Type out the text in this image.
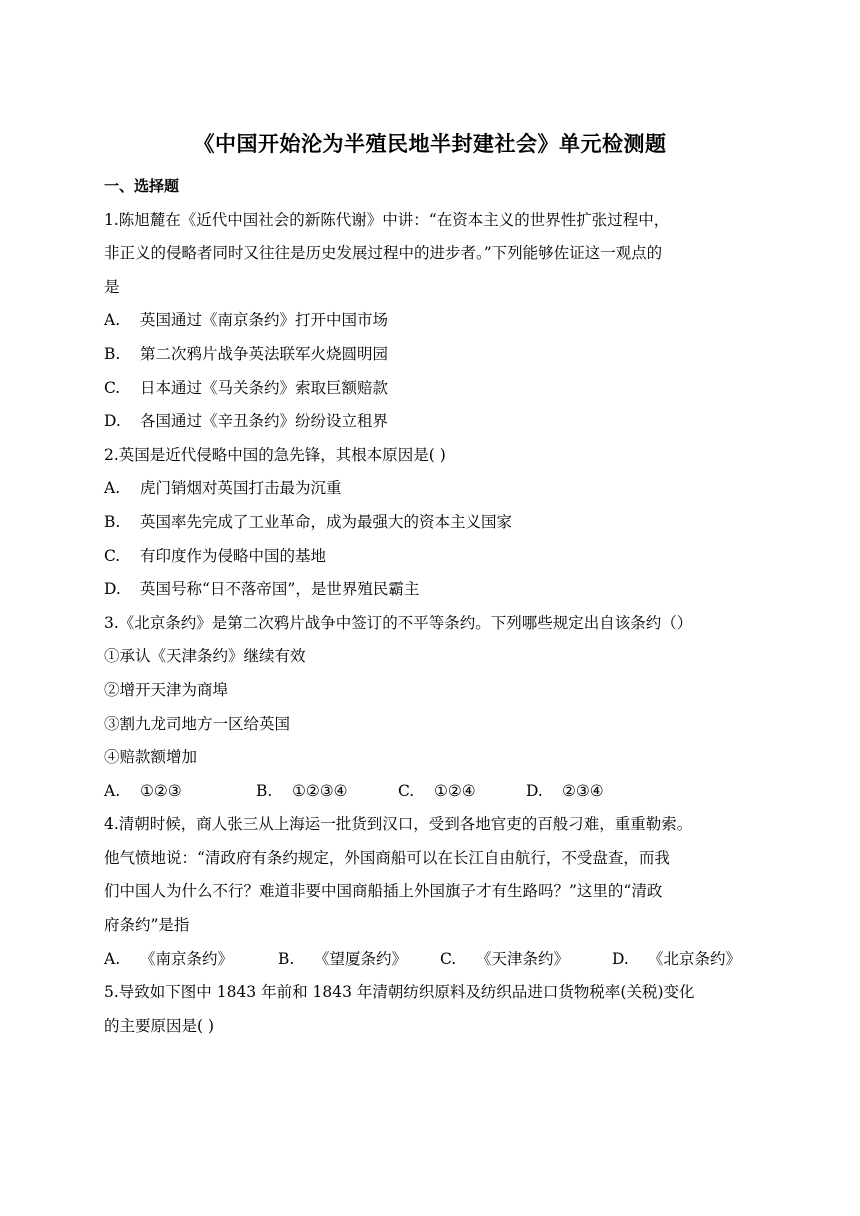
《中国开始沦为半殖民地半封建社会》单元检测题
一、选择题
1.陈旭麓在《近代中国社会的新陈代谢》中讲：“在资本主义的世界性扩张过程中，
非正义的侵略者同时又往往是历史发展过程中的进步者。”下列能够佐证这一观点的
是
A. 英国通过《南京条约》打开中国市场
B. 第二次鸦片战争英法联军火烧圆明园
C. 日本通过《马关条约》索取巨额赔款
D. 各国通过《辛丑条约》纷纷设立租界
2.英国是近代侵略中国的急先锋，其根本原因是( )
A. 虎门销烟对英国打击最为沉重
B. 英国率先完成了工业革命，成为最强大的资本主义国家
C. 有印度作为侵略中国的基地
D. 英国号称“日不落帝国”，是世界殖民霸主
3.《北京条约》是第二次鸦片战争中签订的不平等条约。下列哪些规定出自该条约（）
①承认《天津条约》继续有效
②增开天津为商埠
③割九龙司地方一区给英国
④赔款额增加
A. ①②③	B. ①②③④	C. ①②④	D. ②③④
4.清朝时候，商人张三从上海运一批货到汉口，受到各地官吏的百般刁难，重重勒索。
他气愤地说：“清政府有条约规定，外国商船可以在长江自由航行，不受盘查，而我
们中国人为什么不行？难道非要中国商船插上外国旗子才有生路吗？”这里的“清政
府条约”是指
A. 《南京条约》	B. 《望厦条约》 C. 《天津条约》	D. 《北京条约》
5.导致如下图中 1843 年前和 1843 年清朝纺织原料及纺织品进口货物税率(关税)变化
的主要原因是( )
